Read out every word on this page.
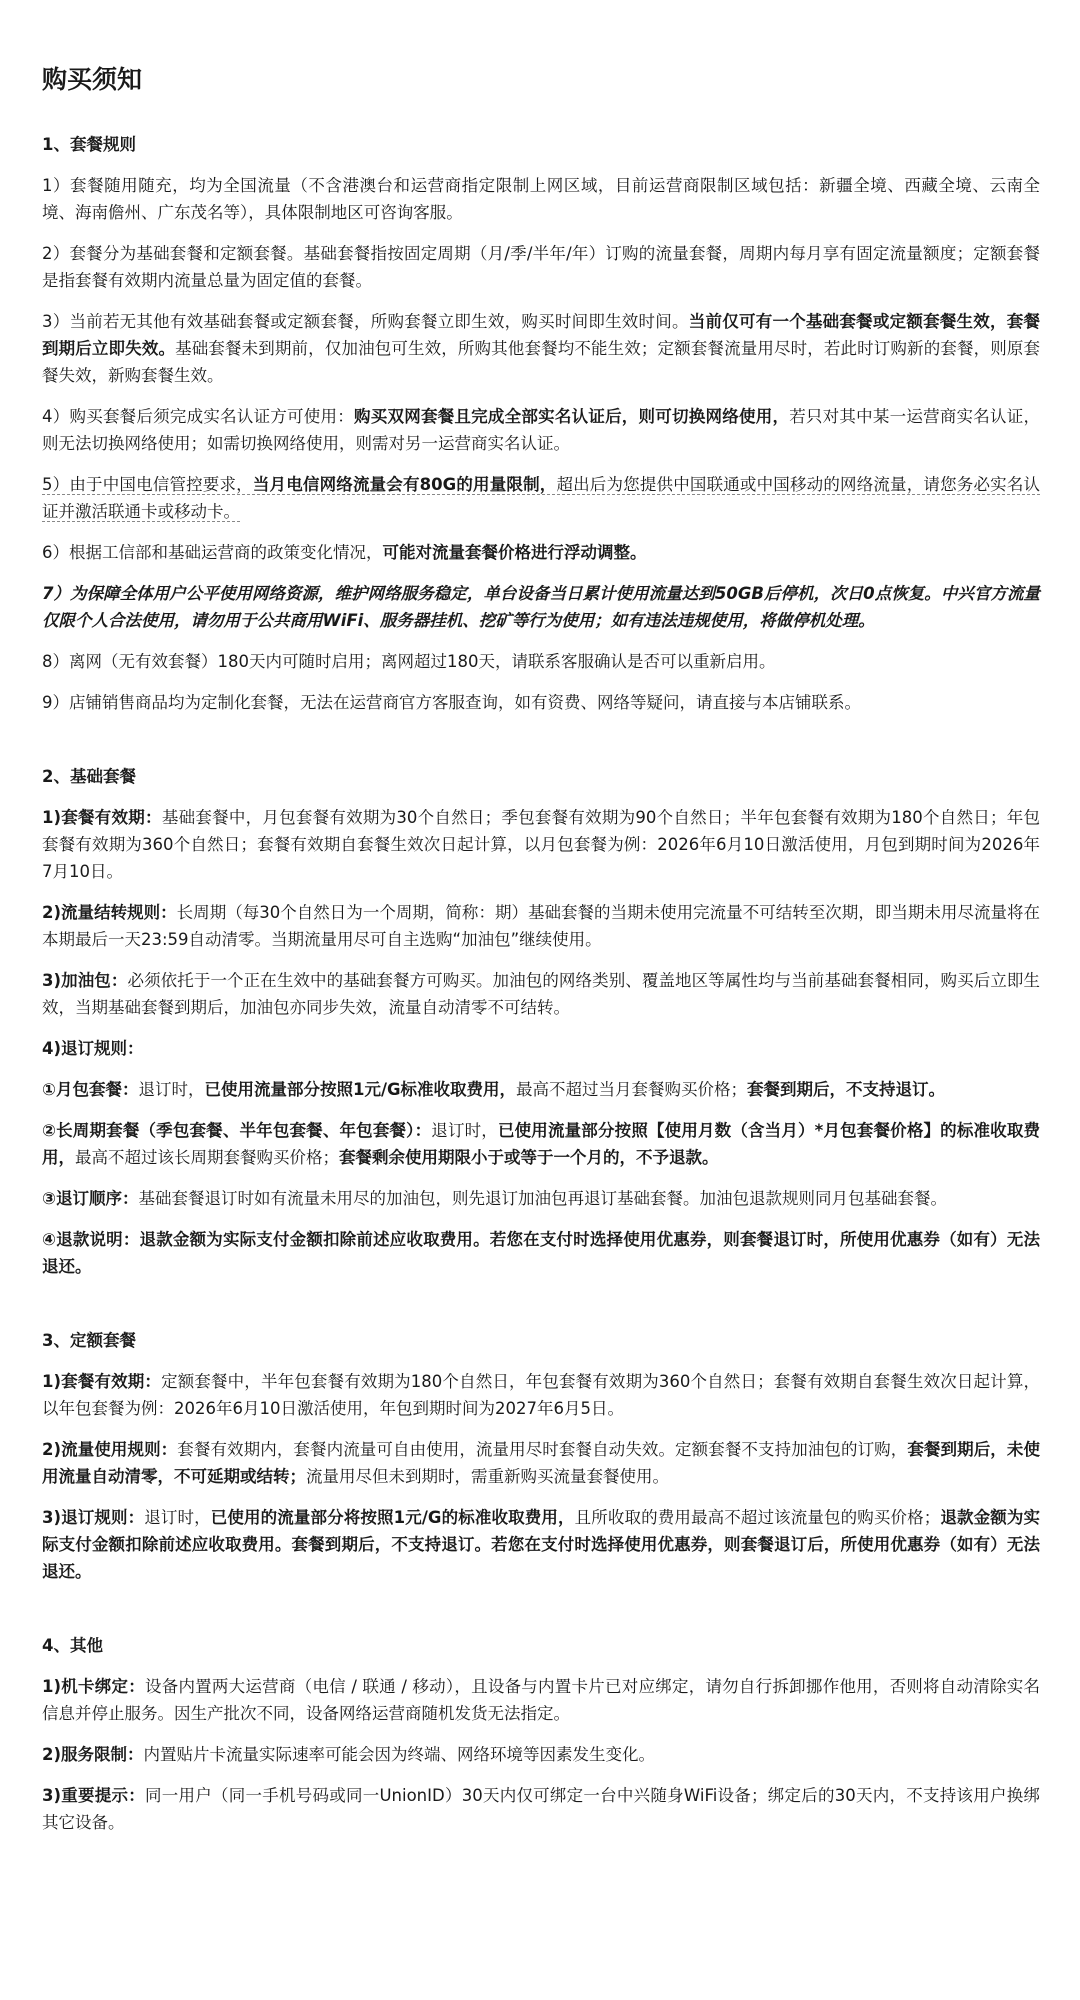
购买须知
1、套餐规则

1）套餐随用随充，均为全国流量（不含港澳台和运营商指定限制上网区域，目前运营商限制区域包括：新疆全境、西藏全境、云南全境、海南儋州、广东茂名等），具体限制地区可咨询客服。

2）套餐分为基础套餐和定额套餐。基础套餐指按固定周期（月/季/半年/年）订购的流量套餐，周期内每月享有固定流量额度；定额套餐是指套餐有效期内流量总量为固定值的套餐。

3）当前若无其他有效基础套餐或定额套餐，所购套餐立即生效，购买时间即生效时间。当前仅可有一个基础套餐或定额套餐生效，套餐到期后立即失效。基础套餐未到期前，仅加油包可生效，所购其他套餐均不能生效；定额套餐流量用尽时，若此时订购新的套餐，则原套餐失效，新购套餐生效。

4）购买套餐后须完成实名认证方可使用：购买双网套餐且完成全部实名认证后，则可切换网络使用，若只对其中某一运营商实名认证，则无法切换网络使用；如需切换网络使用，则需对另一运营商实名认证。

5）由于中国电信管控要求，当月电信网络流量会有80G的用量限制，超出后为您提供中国联通或中国移动的网络流量，请您务必实名认证并激活联通卡或移动卡。

6）根据工信部和基础运营商的政策变化情况，可能对流量套餐价格进行浮动调整。

7）为保障全体用户公平使用网络资源，维护网络服务稳定，单台设备当日累计使用流量达到50GB后停机，次日0点恢复。中兴官方流量仅限个人合法使用，请勿用于公共商用WiFi、服务器挂机、挖矿等行为使用；如有违法违规使用，将做停机处理。

8）离网（无有效套餐）180天内可随时启用；离网超过180天，请联系客服确认是否可以重新启用。

9）店铺销售商品均为定制化套餐，无法在运营商官方客服查询，如有资费、网络等疑问，请直接与本店铺联系。

2、基础套餐

1)套餐有效期：基础套餐中，月包套餐有效期为30个自然日；季包套餐有效期为90个自然日；半年包套餐有效期为180个自然日；年包套餐有效期为360个自然日；套餐有效期自套餐生效次日起计算，以月包套餐为例：2026年6月10日激活使用，月包到期时间为2026年7月10日。

2)流量结转规则：长周期（每30个自然日为一个周期，简称：期）基础套餐的当期未使用完流量不可结转至次期，即当期未用尽流量将在本期最后一天23:59自动清零。当期流量用尽可自主选购“加油包”继续使用。

3)加油包：必须依托于一个正在生效中的基础套餐方可购买。加油包的网络类别、覆盖地区等属性均与当前基础套餐相同，购买后立即生效，当期基础套餐到期后，加油包亦同步失效，流量自动清零不可结转。

4)退订规则：

①月包套餐：退订时，已使用流量部分按照1元/G标准收取费用，最高不超过当月套餐购买价格；套餐到期后，不支持退订。

②长周期套餐（季包套餐、半年包套餐、年包套餐）：退订时，已使用流量部分按照【使用月数（含当月）*月包套餐价格】的标准收取费用，最高不超过该长周期套餐购买价格；套餐剩余使用期限小于或等于一个月的，不予退款。

③退订顺序：基础套餐退订时如有流量未用尽的加油包，则先退订加油包再退订基础套餐。加油包退款规则同月包基础套餐。

④退款说明：退款金额为实际支付金额扣除前述应收取费用。若您在支付时选择使用优惠券，则套餐退订时，所使用优惠券（如有）无法退还。

3、定额套餐

1)套餐有效期：定额套餐中，半年包套餐有效期为180个自然日，年包套餐有效期为360个自然日；套餐有效期自套餐生效次日起计算，以年包套餐为例：2026年6月10日激活使用，年包到期时间为2027年6月5日。

2)流量使用规则：套餐有效期内，套餐内流量可自由使用，流量用尽时套餐自动失效。定额套餐不支持加油包的订购，套餐到期后，未使用流量自动清零，不可延期或结转；流量用尽但未到期时，需重新购买流量套餐使用。

3)退订规则：退订时，已使用的流量部分将按照1元/G的标准收取费用，且所收取的费用最高不超过该流量包的购买价格；退款金额为实际支付金额扣除前述应收取费用。套餐到期后，不支持退订。若您在支付时选择使用优惠券，则套餐退订后，所使用优惠券（如有）无法退还。

4、其他

1)机卡绑定：设备内置两大运营商（电信 / 联通 / 移动），且设备与内置卡片已对应绑定，请勿自行拆卸挪作他用，否则将自动清除实名信息并停止服务。因生产批次不同，设备网络运营商随机发货无法指定。

2)服务限制：内置贴片卡流量实际速率可能会因为终端、网络环境等因素发生变化。

3)重要提示：同一用户（同一手机号码或同一UnionID）30天内仅可绑定一台中兴随身WiFi设备；绑定后的30天内，不支持该用户换绑其它设备。
